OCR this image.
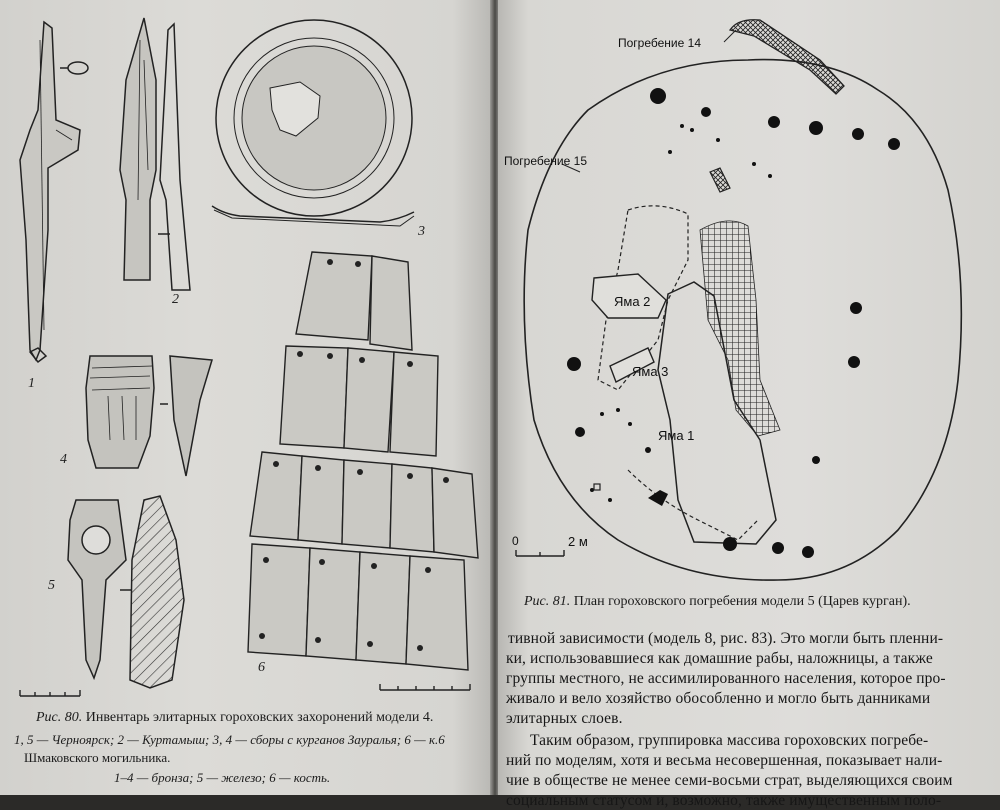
1
2
3
4
5
6
Рис. 80. Инвентарь элитарных гороховских захоронений модели 4.
1, 5 — Черноярск; 2 — Куртамыш; 3, 4 — сборы с курганов Зауралья; 6 — к.6
Шмаковского могильника.
1–4 — бронза; 5 — железо; 6 — кость.
Погребение 14
Погребение 15
Яма 2
Яма 3
Яма 1
0	2 м
Рис. 81. План гороховского погребения модели 5 (Царев курган).
тивной зависимости (модель 8, рис. 83). Это могли быть пленни-
ки, использовавшиеся как домашние рабы, наложницы, а также
группы местного, не ассимилированного населения, которое про-
живало и вело хозяйство обособленно и могло быть данниками
элитарных слоев.
Таким образом, группировка массива гороховских погребе-
ний по моделям, хотя и весьма несовершенная, показывает нали-
чие в обществе не менее семи-восьми страт, выделяющихся своим
социальным статусом и, возможно, также имущественным поло-
